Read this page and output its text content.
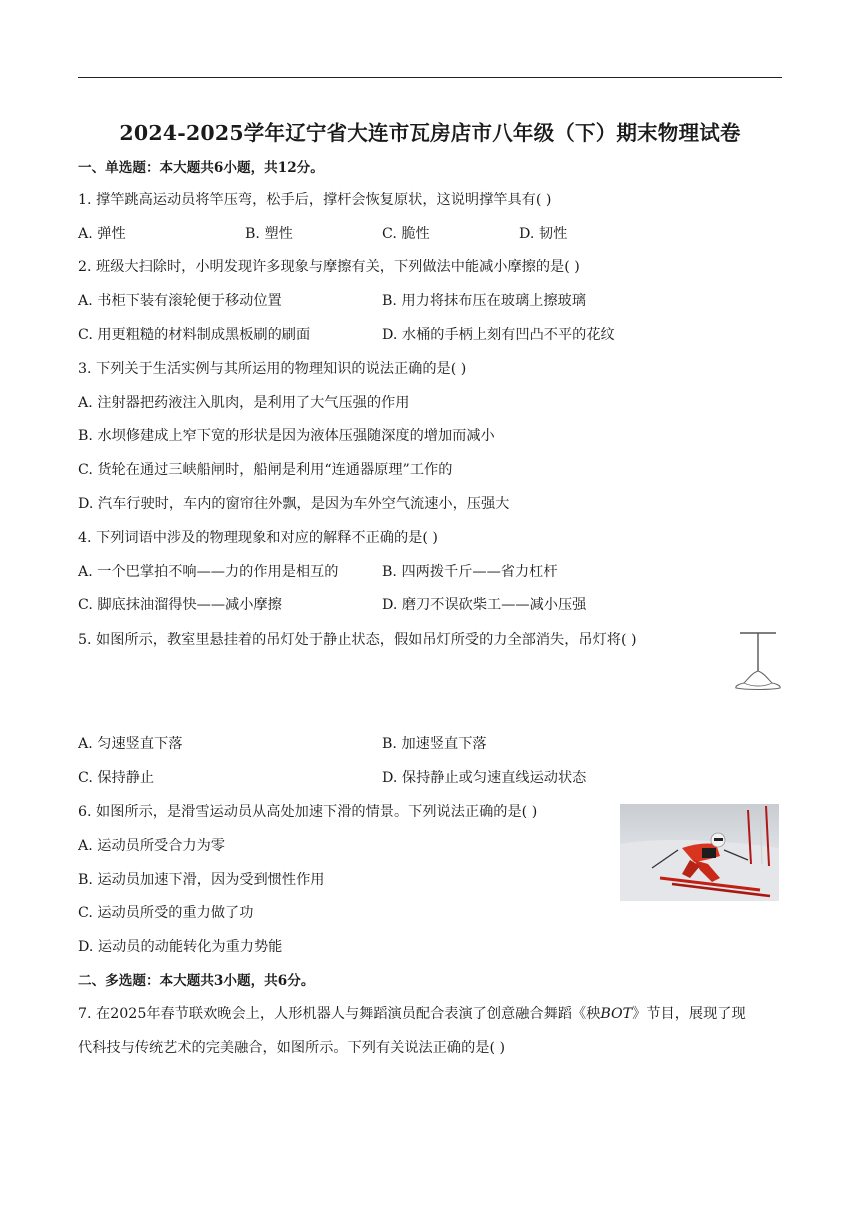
2024-2025学年辽宁省大连市瓦房店市八年级（下）期末物理试卷
一、单选题：本大题共6小题，共12分。
1. 撑竿跳高运动员将竿压弯，松手后，撑杆会恢复原状，这说明撑竿具有( )
A. 弹性	B. 塑性	C. 脆性	D. 韧性
2. 班级大扫除时，小明发现许多现象与摩擦有关，下列做法中能减小摩擦的是( )
A. 书柜下装有滚轮便于移动位置	B. 用力将抹布压在玻璃上擦玻璃
C. 用更粗糙的材料制成黑板刷的刷面	D. 水桶的手柄上刻有凹凸不平的花纹
3. 下列关于生活实例与其所运用的物理知识的说法正确的是( )
A. 注射器把药液注入肌肉，是利用了大气压强的作用
B. 水坝修建成上窄下宽的形状是因为液体压强随深度的增加而减小
C. 货轮在通过三峡船闸时，船闸是利用“连通器原理”工作的
D. 汽车行驶时，车内的窗帘往外飘，是因为车外空气流速小，压强大
4. 下列词语中涉及的物理现象和对应的解释不正确的是( )
A. 一个巴掌拍不响——力的作用是相互的	B. 四两拨千斤——省力杠杆
C. 脚底抹油溜得快——减小摩擦	D. 磨刀不误砍柴工——减小压强
5. 如图所示，教室里悬挂着的吊灯处于静止状态，假如吊灯所受的力全部消失，吊灯将( )
A. 匀速竖直下落	B. 加速竖直下落
C. 保持静止	D. 保持静止或匀速直线运动状态
6. 如图所示，是滑雪运动员从高处加速下滑的情景。下列说法正确的是( )
A. 运动员所受合力为零
B. 运动员加速下滑，因为受到惯性作用
C. 运动员所受的重力做了功
D. 运动员的动能转化为重力势能
二、多选题：本大题共3小题，共6分。
7. 在2025年春节联欢晚会上，人形机器人与舞蹈演员配合表演了创意融合舞蹈《秧BOT》节目，展现了现
代科技与传统艺术的完美融合，如图所示。下列有关说法正确的是( )
